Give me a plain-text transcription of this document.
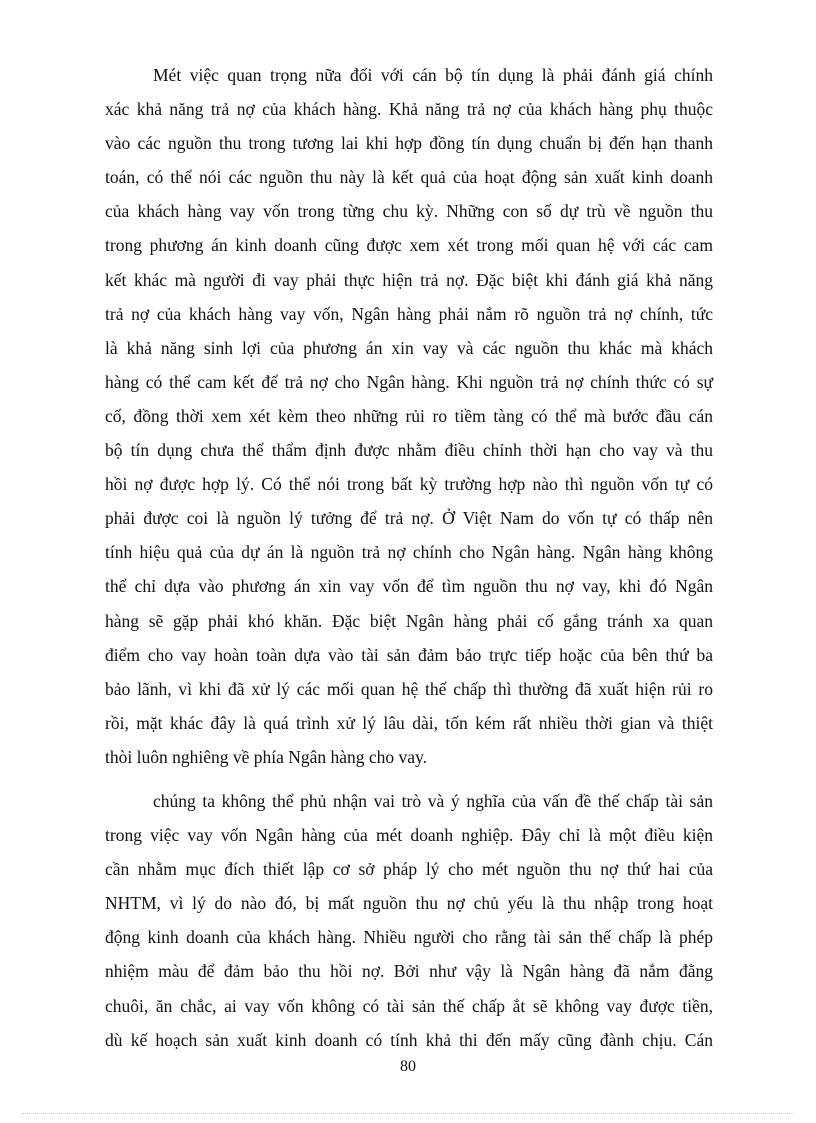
Mét việc quan trọng nữa đối với cán bộ tín dụng là phải đánh giá chính
xác khả năng trả nợ của khách hàng. Khả năng trả nợ của khách hàng phụ thuộc
vào các nguồn thu trong tương lai khi hợp đồng tín dụng chuẩn bị đến hạn thanh
toán, có thể nói các nguồn thu này là kết quả của hoạt động sản xuất kinh doanh
của khách hàng vay vốn trong từng chu kỳ. Những con số dự trù về nguồn thu
trong phương án kinh doanh cũng được xem xét trong mối quan hệ với các cam
kết khác mà người đi vay phải thực hiện trả nợ. Đặc biệt khi đánh giá khả năng
trả nợ của khách hàng vay vốn, Ngân hàng phải nắm rõ nguồn trả nợ chính, tức
là khả năng sinh lợi của phương án xin vay và các nguồn thu khác mà khách
hàng có thể cam kết để trả nợ cho Ngân hàng. Khi nguồn trả nợ chính thức có sự
cố, đồng thời xem xét kèm theo những rủi ro tiềm tàng có thể mà bước đầu cán
bộ tín dụng chưa thể thẩm định được nhằm điều chỉnh thời hạn cho vay và thu
hồi nợ được hợp lý. Có thể nói trong bất kỳ trường hợp nào thì nguồn vốn tự có
phải được coi là nguồn lý tưởng để trả nợ. Ở Việt Nam do vốn tự có thấp nên
tính hiệu quả của dự án là nguồn trả nợ chính cho Ngân hàng. Ngân hàng không
thể chỉ dựa vào phương án xin vay vốn để tìm nguồn thu nợ vay, khi đó Ngân
hàng sẽ gặp phải khó khăn. Đặc biệt Ngân hàng phải cố gắng tránh xa quan
điểm cho vay hoàn toàn dựa vào tài sản đảm bảo trực tiếp hoặc của bên thứ ba
bảo lãnh, vì khi đã xử lý các mối quan hệ thế chấp thì thường đã xuất hiện rủi ro
rồi, mặt khác đây là quá trình xử lý lâu dài, tốn kém rất nhiều thời gian và thiệt
thòi luôn nghiêng về phía Ngân hàng cho vay.
chúng ta không thể phủ nhận vai trò và ý nghĩa của vấn đề thế chấp tài sản
trong việc vay vốn Ngân hàng của mét doanh nghiệp. Đây chỉ là một điều kiện
cần nhằm mục đích thiết lập cơ sở pháp lý cho mét nguồn thu nợ thứ hai của
NHTM, vì lý do nào đó, bị mất nguồn thu nợ chủ yếu là thu nhập trong hoạt
động kinh doanh của khách hàng. Nhiều người cho rằng tài sản thế chấp là phép
nhiệm màu để đảm bảo thu hồi nợ. Bởi như vậy là Ngân hàng đã nắm đằng
chuôi, ăn chắc, ai vay vốn không có tài sản thế chấp ắt sẽ không vay được tiền,
dù kế hoạch sản xuất kinh doanh có tính khả thi đến mấy cũng đành chịu. Cán
80
